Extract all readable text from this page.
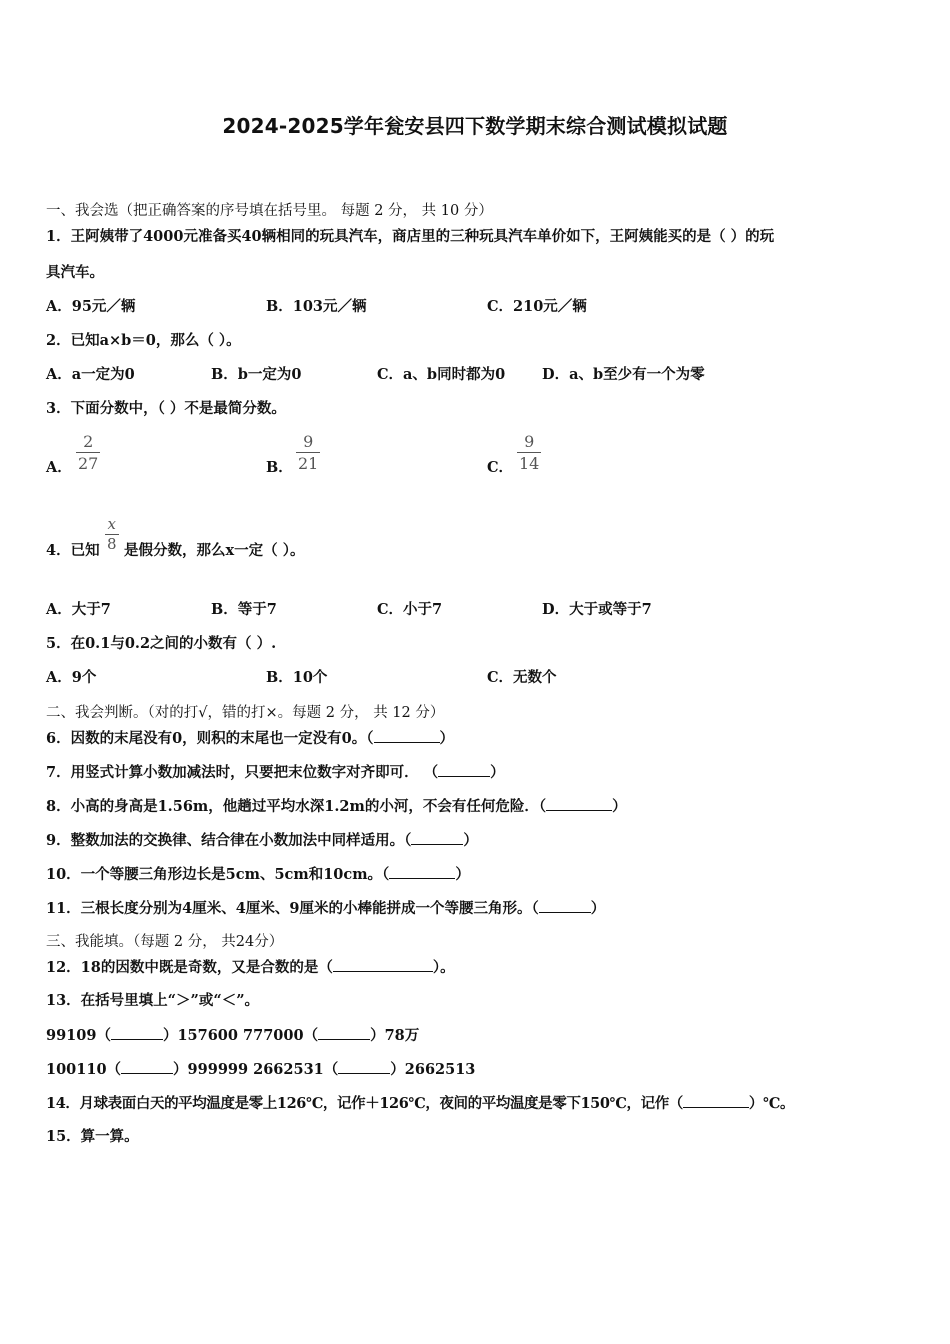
2024-2025学年瓮安县四下数学期末综合测试模拟试题
一、我会选（把正确答案的序号填在括号里。 每题 2 分， 共 10 分）
1．王阿姨带了4000元准备买40辆相同的玩具汽车，商店里的三种玩具汽车单价如下，王阿姨能买的是（ ）的玩
具汽车。
A．95元／辆	B．103元／辆	C．210元／辆
2．已知a×b＝0，那么（ ）。
A．a一定为0	B．b一定为0	C．a、b同时都为0	D．a、b至少有一个为零
3．下面分数中，（ ）不是最简分数。
A．
2
27	B．
9
21	C．
9
14
4．已知
x
8 是假分数，那么x一定（ ）。
A．大于7	B．等于7	C．小于7	D．大于或等于7
5．在0.1与0.2之间的小数有（ ）.
A．9个	B．10个	C．无数个
二、我会判断。（对的打√，错的打×。每题 2 分， 共 12 分）
6．因数的末尾没有0，则积的末尾也一定没有0。（	）
7．用竖式计算小数加减法时，只要把末位数字对齐即可． （	）
8．小高的身高是1.56m，他趟过平均水深1.2m的小河，不会有任何危险．（	）
9．整数加法的交换律、结合律在小数加法中同样适用。（	）
10．一个等腰三角形边长是5cm、5cm和10cm。（	）
11．三根长度分别为4厘米、4厘米、9厘米的小棒能拼成一个等腰三角形。（	）
三、我能填。（每题 2 分， 共24分）
12．18的因数中既是奇数，又是合数的是（	）。
13．在括号里填上“＞”或“＜”。
99109（	）157600 777000（	）78万
100110（	）999999 2662531（	）2662513
14．月球表面白天的平均温度是零上126℃，记作＋126℃，夜间的平均温度是零下150℃，记作（	）℃。
15．算一算。
